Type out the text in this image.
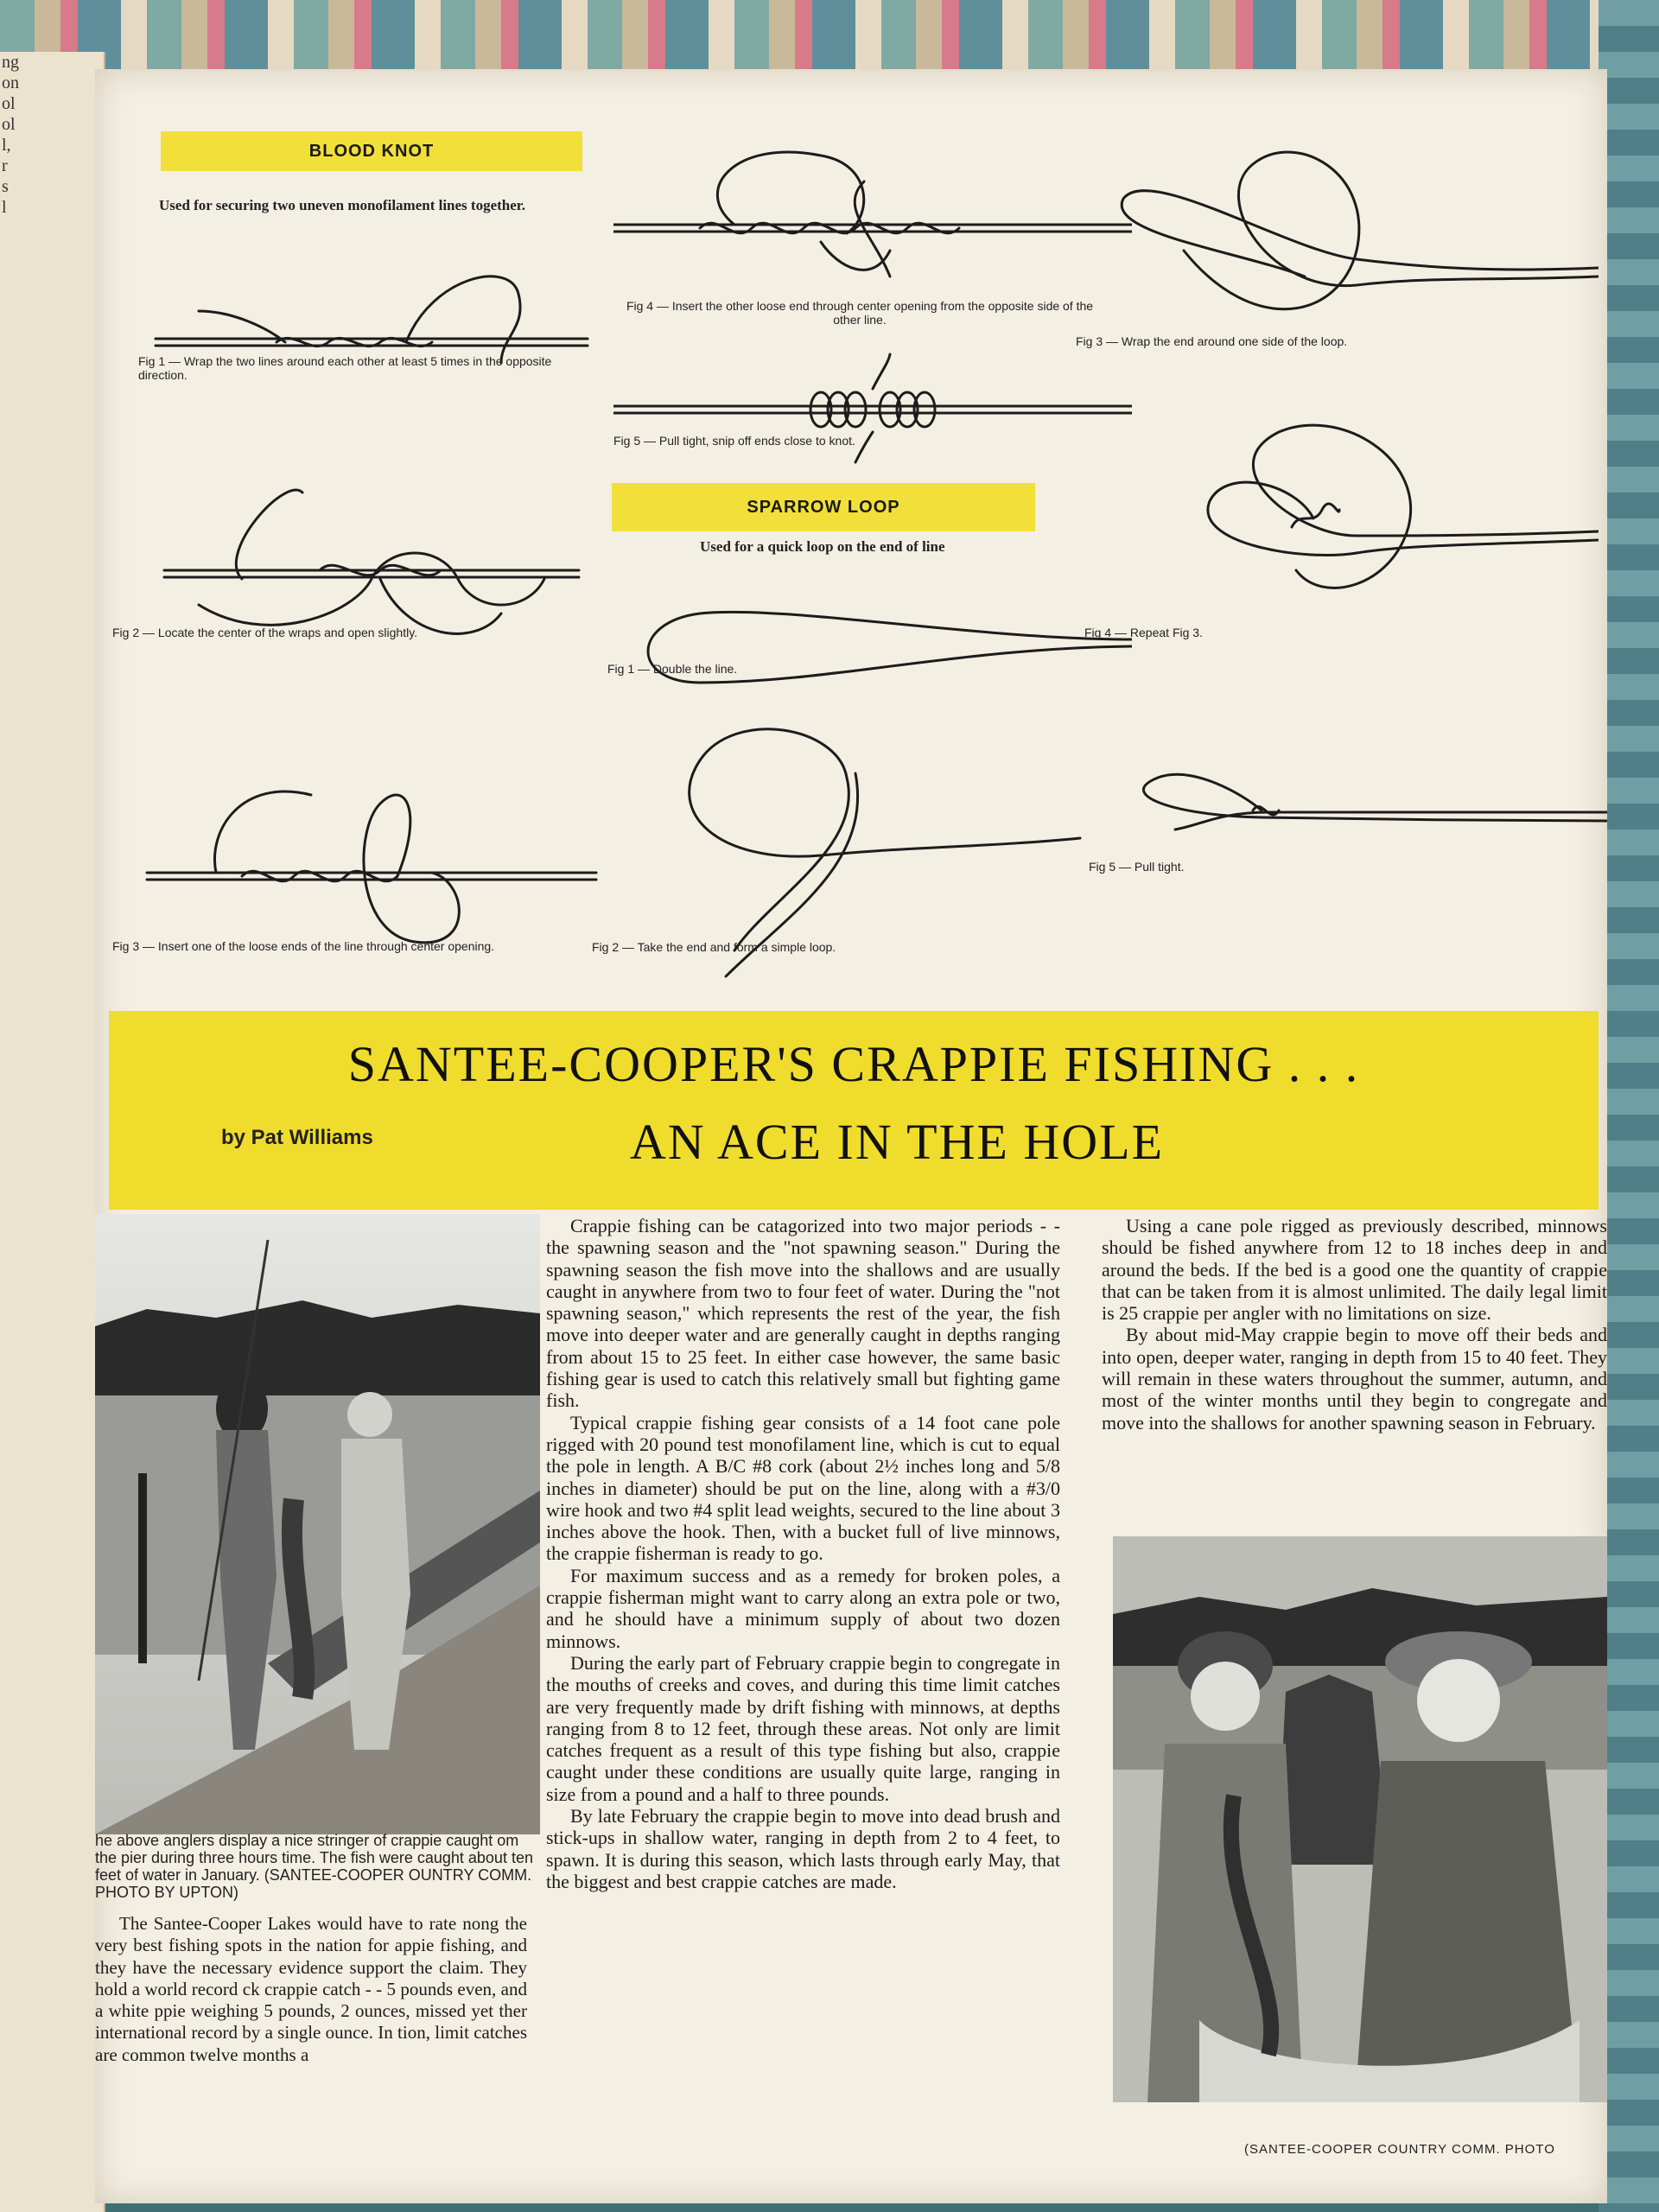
ng
on
ol
ol
l,
r
s
l
BLOOD KNOT
Used for securing two uneven monofilament lines together.
Fig 1 — Wrap the two lines around each other at least 5 times in the opposite direction.
Fig 2 — Locate the center of the wraps and open slightly.
Fig 3 — Insert one of the loose ends of the line through center opening.
Fig 4 — Insert the other loose end through center opening from the opposite side of the other line.
Fig 5 — Pull tight, snip off ends close to knot.
SPARROW LOOP
Used for a quick loop on the end of line
Fig 1 — Double the line.
Fig 2 — Take the end and form a simple loop.
Fig 3 — Wrap the end around one side of the loop.
Fig 4 — Repeat Fig 3.
Fig 5 — Pull tight.
SANTEE-COOPER'S CRAPPIE FISHING . . .
AN ACE IN THE HOLE
by Pat Williams
he above anglers display a nice stringer of crappie caught om the pier during three hours time. The fish were caught about ten feet of water in January. (SANTEE-COOPER OUNTRY COMM. PHOTO BY UPTON)

The Santee-Cooper Lakes would have to rate nong the very best fishing spots in the nation for appie fishing, and they have the necessary evidence support the claim. They hold a world record ck crappie catch - - 5 pounds even, and a white ppie weighing 5 pounds, 2 ounces, missed yet ther international record by a single ounce. In tion, limit catches are common twelve months a

Crappie fishing can be catagorized into two major periods - - the spawning season and the "not spawning season." During the spawning season the fish move into the shallows and are usually caught in anywhere from two to four feet of water. During the "not spawning season," which represents the rest of the year, the fish move into deeper water and are generally caught in depths ranging from about 15 to 25 feet. In either case however, the same basic fishing gear is used to catch this relatively small but fighting game fish.

Typical crappie fishing gear consists of a 14 foot cane pole rigged with 20 pound test monofilament line, which is cut to equal the pole in length. A B/C #8 cork (about 2½ inches long and 5/8 inches in diameter) should be put on the line, along with a #3/0 wire hook and two #4 split lead weights, secured to the line about 3 inches above the hook. Then, with a bucket full of live minnows, the crappie fisherman is ready to go.

For maximum success and as a remedy for broken poles, a crappie fisherman might want to carry along an extra pole or two, and he should have a minimum supply of about two dozen minnows.

During the early part of February crappie begin to congregate in the mouths of creeks and coves, and during this time limit catches are very frequently made by drift fishing with minnows, at depths ranging from 8 to 12 feet, through these areas. Not only are limit catches frequent as a result of this type fishing but also, crappie caught under these conditions are usually quite large, ranging in size from a pound and a half to three pounds.

By late February the crappie begin to move into dead brush and stick-ups in shallow water, ranging in depth from 2 to 4 feet, to spawn. It is during this season, which lasts through early May, that the biggest and best crappie catches are made.

Using a cane pole rigged as previously described, minnows should be fished anywhere from 12 to 18 inches deep in and around the beds. If the bed is a good one the quantity of crappie that can be taken from it is almost unlimited. The daily legal limit is 25 crappie per angler with no limitations on size.

By about mid-May crappie begin to move off their beds and into open, deeper water, ranging in depth from 15 to 40 feet. They will remain in these waters throughout the summer, autumn, and most of the winter months until they begin to congregate and move into the shallows for another spawning season in February.

(SANTEE-COOPER COUNTRY COMM. PHOTO
